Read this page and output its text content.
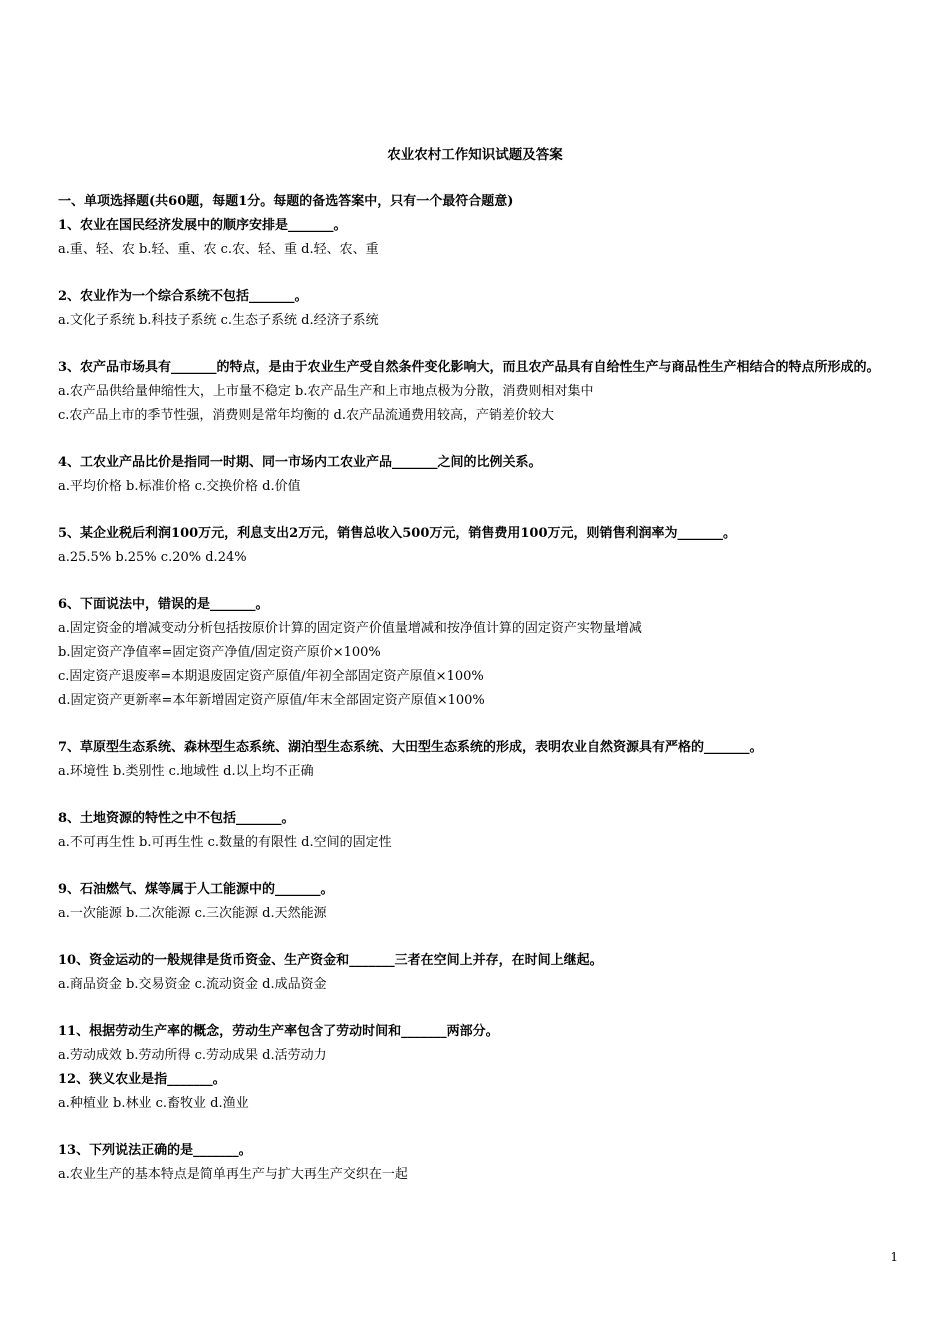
农业农村工作知识试题及答案

一、单项选择题(共60题，每题1分。每题的备选答案中，只有一个最符合题意)

1、农业在国民经济发展中的顺序安排是_______。

a.重、轻、农 b.轻、重、农 c.农、轻、重 d.轻、农、重

2、农业作为一个综合系统不包括_______。

a.文化子系统 b.科技子系统 c.生态子系统 d.经济子系统

3、农产品市场具有_______的特点，是由于农业生产受自然条件变化影响大，而且农产品具有自给性生产与商品性生产相结合的特点所形成的。

a.农产品供给量伸缩性大，上市量不稳定 b.农产品生产和上市地点极为分散，消费则相对集中

c.农产品上市的季节性强，消费则是常年均衡的 d.农产品流通费用较高，产销差价较大

4、工农业产品比价是指同一时期、同一市场内工农业产品_______之间的比例关系。

a.平均价格 b.标准价格 c.交换价格 d.价值

5、某企业税后利润100万元，利息支出2万元，销售总收入500万元，销售费用100万元，则销售利润率为_______。

a.25.5% b.25% c.20% d.24%

6、下面说法中，错误的是_______。

a.固定资金的增减变动分析包括按原价计算的固定资产价值量增减和按净值计算的固定资产实物量增减

b.固定资产净值率=固定资产净值/固定资产原价×100%

c.固定资产退废率=本期退废固定资产原值/年初全部固定资产原值×100%

d.固定资产更新率=本年新增固定资产原值/年末全部固定资产原值×100%

7、草原型生态系统、森林型生态系统、湖泊型生态系统、大田型生态系统的形成，表明农业自然资源具有严格的_______。

a.环境性 b.类别性 c.地域性 d.以上均不正确

8、土地资源的特性之中不包括_______。

a.不可再生性 b.可再生性 c.数量的有限性 d.空间的固定性

9、石油燃气、煤等属于人工能源中的_______。

a.一次能源 b.二次能源 c.三次能源 d.天然能源

10、资金运动的一般规律是货币资金、生产资金和_______三者在空间上并存，在时间上继起。

a.商品资金 b.交易资金 c.流动资金 d.成品资金

11、根据劳动生产率的概念，劳动生产率包含了劳动时间和_______两部分。

a.劳动成效 b.劳动所得 c.劳动成果 d.活劳动力

12、狭义农业是指_______。

a.种植业 b.林业 c.畜牧业 d.渔业

13、下列说法正确的是_______。

a.农业生产的基本特点是简单再生产与扩大再生产交织在一起

1
